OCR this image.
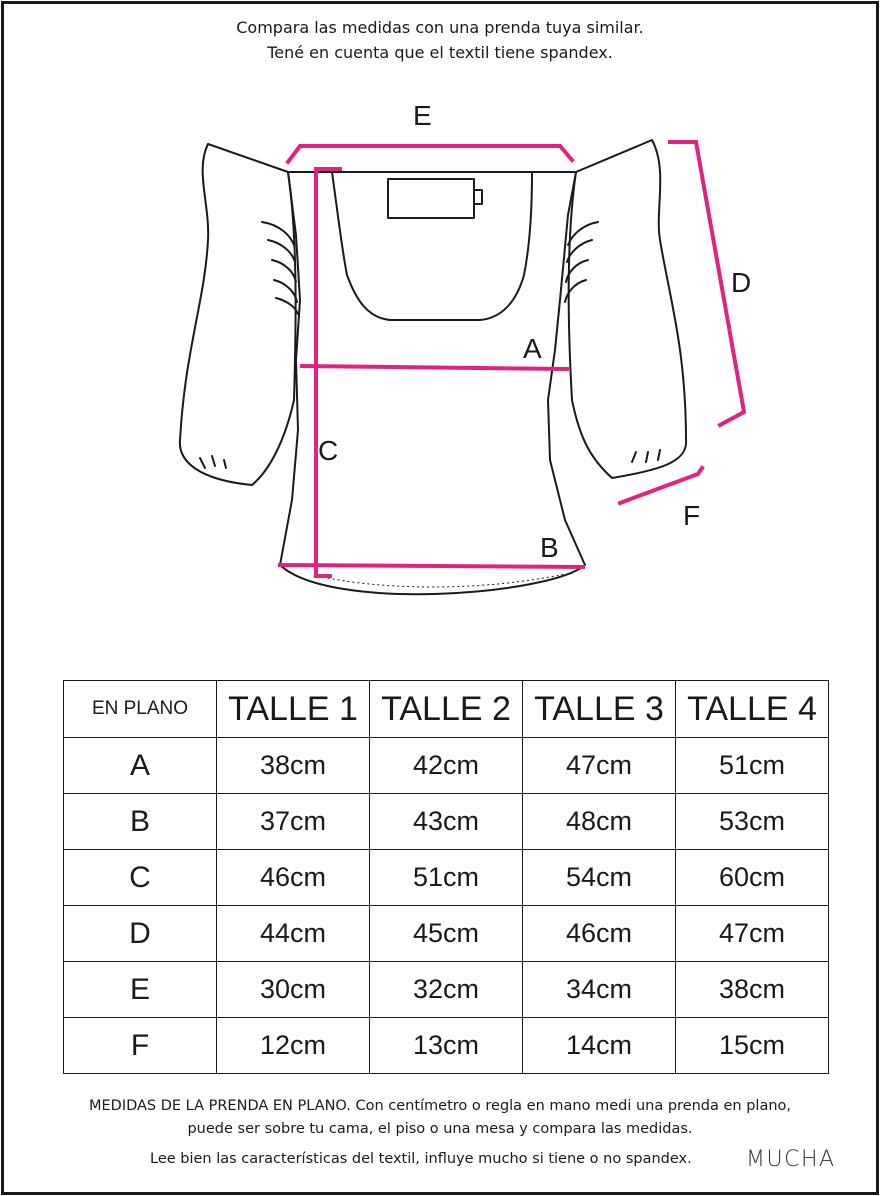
Compara las medidas con una prenda tuya similar.
Tené en cuenta que el textil tiene spandex.
E
D
A
C
B
F
EN PLANO	TALLE 1	TALLE 2	TALLE 3	TALLE 4
A	38cm	42cm	47cm	51cm
B	37cm	43cm	48cm	53cm
C	46cm	51cm	54cm	60cm
D	44cm	45cm	46cm	47cm
E	30cm	32cm	34cm	38cm
F	12cm	13cm	14cm	15cm
MEDIDAS DE LA PRENDA EN PLANO. Con centímetro o regla en mano medi una prenda en plano,
puede ser sobre tu cama, el piso o una mesa y compara las medidas.
Lee bien las características del textil, influye mucho si tiene o no spandex. MUCHA
